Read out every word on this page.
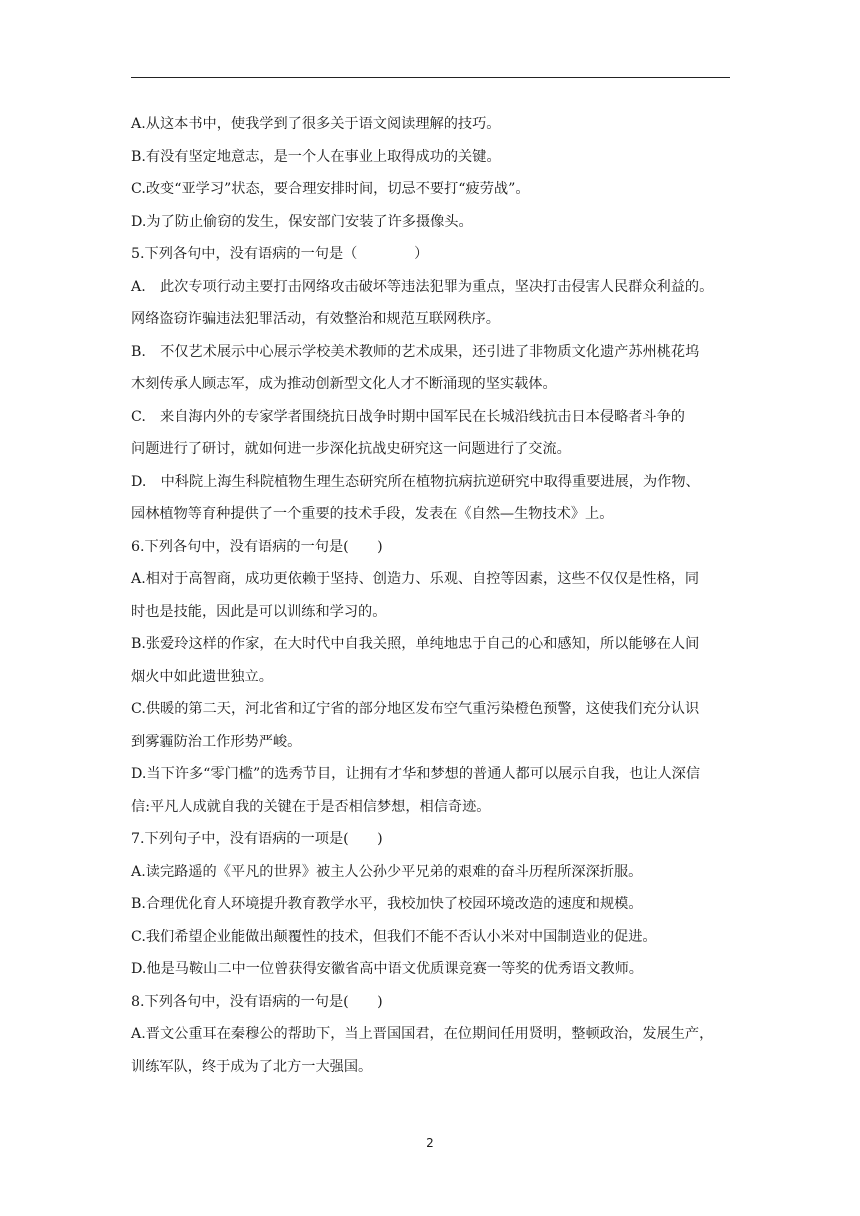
A.从这本书中，使我学到了很多关于语文阅读理解的技巧。
B.有没有坚定地意志，是一个人在事业上取得成功的关键。
C.改变“亚学习”状态，要合理安排时间，切忌不要打“疲劳战”。
D.为了防止偷窃的发生，保安部门安装了许多摄像头。
5.下列各句中，没有语病的一句是（　　　　）
A.　此次专项行动主要打击网络攻击破坏等违法犯罪为重点，坚决打击侵害人民群众利益的。
网络盗窃诈骗违法犯罪活动，有效整治和规范互联网秩序。
B.　不仅艺术展示中心展示学校美术教师的艺术成果，还引进了非物质文化遗产苏州桃花坞
木刻传承人顾志军，成为推动创新型文化人才不断涌现的坚实载体。
C.　来自海内外的专家学者围绕抗日战争时期中国军民在长城沿线抗击日本侵略者斗争的
问题进行了研讨，就如何进一步深化抗战史研究这一问题进行了交流。
D.　中科院上海生科院植物生理生态研究所在植物抗病抗逆研究中取得重要进展，为作物、
园林植物等育种提供了一个重要的技术手段，发表在《自然—生物技术》上。
6.下列各句中，没有语病的一句是(　　)
A.相对于高智商，成功更依赖于坚持、创造力、乐观、自控等因素，这些不仅仅是性格，同
时也是技能，因此是可以训练和学习的。
B.张爱玲这样的作家，在大时代中自我关照，单纯地忠于自己的心和感知，所以能够在人间
烟火中如此遗世独立。
C.供暖的第二天，河北省和辽宁省的部分地区发布空气重污染橙色预警，这使我们充分认识
到雾霾防治工作形势严峻。
D.当下许多“零门槛”的选秀节目，让拥有才华和梦想的普通人都可以展示自我，也让人深信
信:平凡人成就自我的关键在于是否相信梦想，相信奇迹。
7.下列句子中，没有语病的一项是(　　)
A.读完路遥的《平凡的世界》被主人公孙少平兄弟的艰难的奋斗历程所深深折服。
B.合理优化育人环境提升教育教学水平，我校加快了校园环境改造的速度和规模。
C.我们希望企业能做出颠覆性的技术，但我们不能不否认小米对中国制造业的促进。
D.他是马鞍山二中一位曾获得安徽省高中语文优质课竞赛一等奖的优秀语文教师。
8.下列各句中，没有语病的一句是(　　)
A.晋文公重耳在秦穆公的帮助下，当上晋国国君，在位期间任用贤明，整顿政治，发展生产，
训练军队，终于成为了北方一大强国。
2
